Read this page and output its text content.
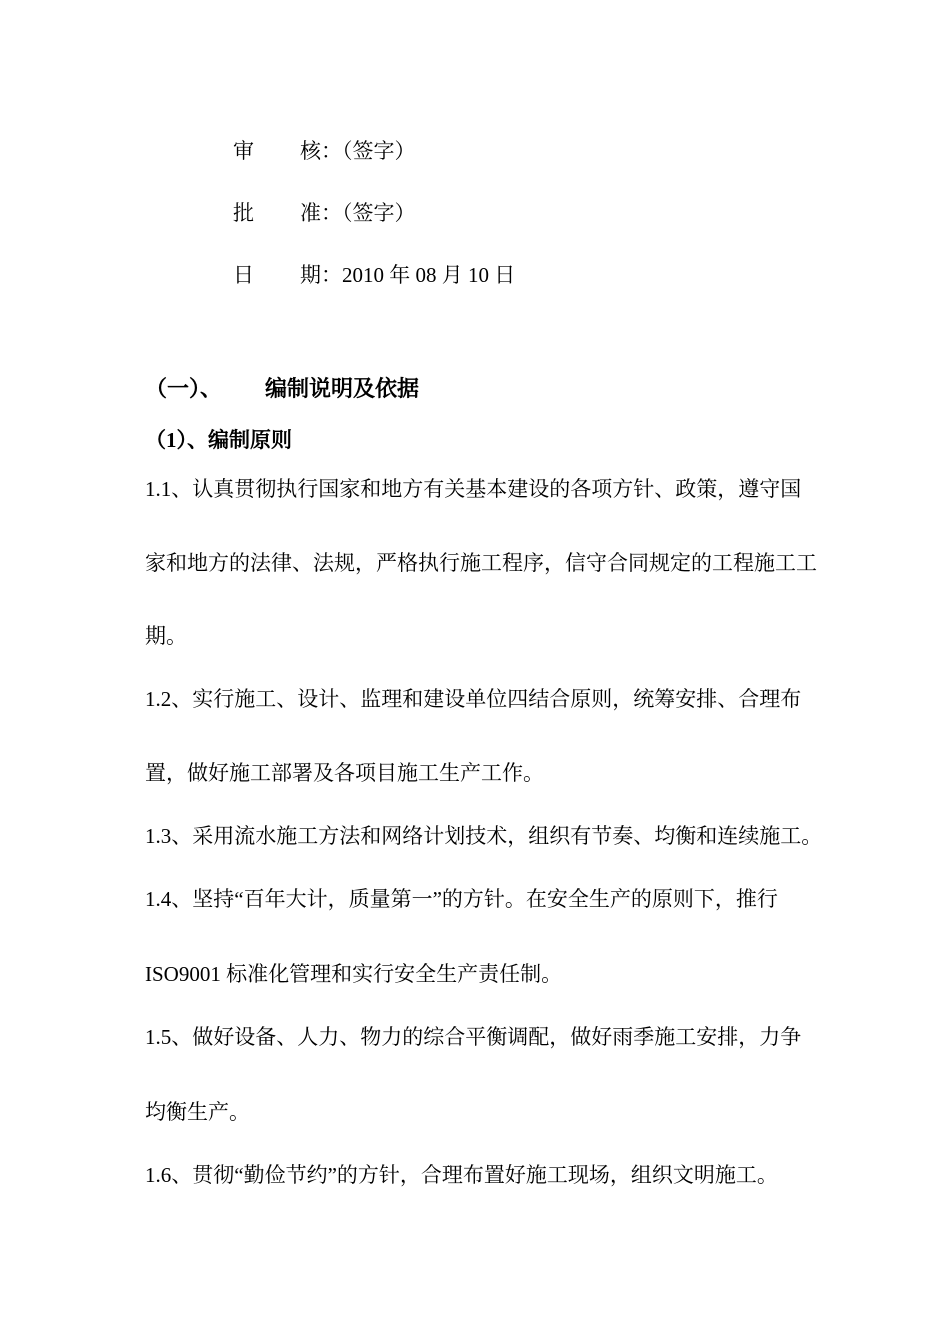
审 核：（签字）
批 准：（签字）
日 期：2010 年 08 月 10 日
（一）、 编制说明及依据
（1）、编制原则
1.1、认真贯彻执行国家和地方有关基本建设的各项方针、政策，遵守国
家和地方的法律、法规，严格执行施工程序，信守合同规定的工程施工工
期。
1.2、实行施工、设计、监理和建设单位四结合原则，统筹安排、合理布
置，做好施工部署及各项目施工生产工作。
1.3、采用流水施工方法和网络计划技术，组织有节奏、均衡和连续施工。
1.4、坚持“百年大计，质量第一”的方针。在安全生产的原则下，推行
ISO9001 标准化管理和实行安全生产责任制。
1.5、做好设备、人力、物力的综合平衡调配，做好雨季施工安排，力争
均衡生产。
1.6、贯彻“勤俭节约”的方针，合理布置好施工现场，组织文明施工。
